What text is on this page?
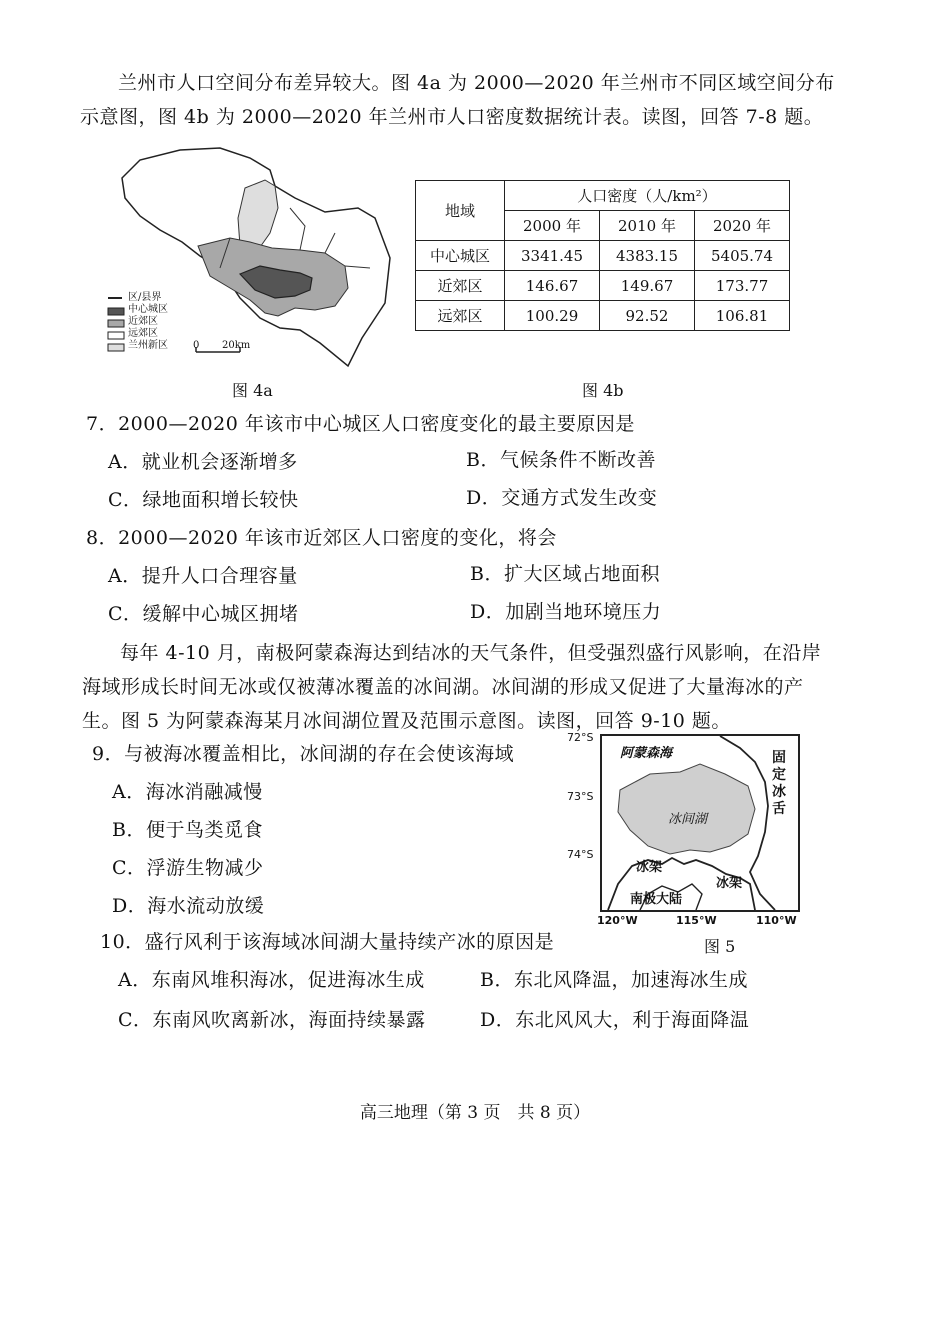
兰州市人口空间分布差异较大。图 4a 为 2000—2020 年兰州市不同区域空间分布
示意图，图 4b 为 2000—2020 年兰州市人口密度数据统计表。读图，回答 7-8 题。
区/县界
中心城区
近郊区
远郊区
兰州新区	0 20km
图 4a
地域	人口密度（人/km²）		
	2000 年	2010 年	2020 年
中心城区	3341.45	4383.15	5405.74
近郊区	146.67	149.67	173.77
远郊区	100.29	92.52	106.81
图 4b
7．2000—2020 年该市中心城区人口密度变化的最主要原因是
A．就业机会逐渐增多	B．气候条件不断改善
C．绿地面积增长较快	D．交通方式发生改变
8．2000—2020 年该市近郊区人口密度的变化，将会
A．提升人口合理容量	B．扩大区域占地面积
C．缓解中心城区拥堵	D．加剧当地环境压力
每年 4-10 月，南极阿蒙森海达到结冰的天气条件，但受强烈盛行风影响，在沿岸
海域形成长时间无冰或仅被薄冰覆盖的冰间湖。冰间湖的形成又促进了大量海冰的产
生。图 5 为阿蒙森海某月冰间湖位置及范围示意图。读图，回答 9-10 题。
9．与被海冰覆盖相比，冰间湖的存在会使该海域
A．海冰消融减慢
B．便于鸟类觅食
C．浮游生物减少
D．海水流动放缓
72°S
73°S
74°S
120°W	115°W	110°W
阿蒙森海
冰间湖
固
定
冰
舌
冰架
冰架
南极大陆
图 5
10．盛行风利于该海域冰间湖大量持续产冰的原因是
A．东南风堆积海冰，促进海冰生成	B．东北风降温，加速海冰生成
C．东南风吹离新冰，海面持续暴露	D．东北风风大，利于海面降温
高三地理（第 3 页　共 8 页）
